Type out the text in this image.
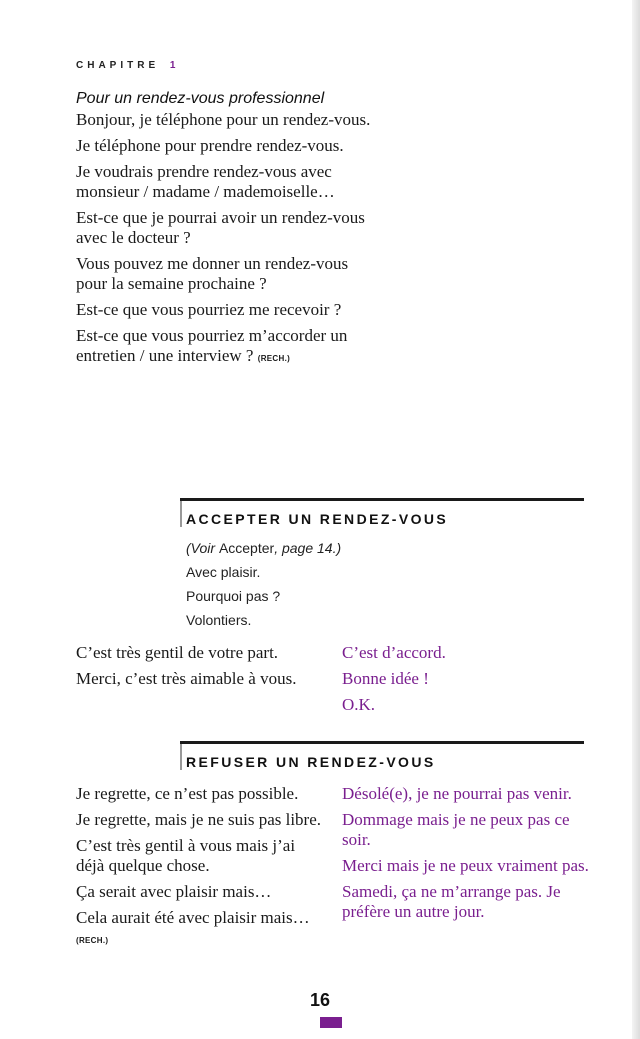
CHAPITRE 1

Pour un rendez-vous professionnel

Bonjour, je téléphone pour un rendez-vous.

Je téléphone pour prendre rendez-vous.

Je voudrais prendre rendez-vous avec monsieur / madame / mademoiselle…

Est-ce que je pourrai avoir un rendez-vous avec le docteur ?

Vous pouvez me donner un rendez-vous pour la semaine prochaine ?

Est-ce que vous pourriez me recevoir ?

Est-ce que vous pourriez m’accorder un entretien / une interview ? (RECH.)

ACCEPTER UN RENDEZ-VOUS

(Voir Accepter, page 14.)

Avec plaisir.

Pourquoi pas ?

Volontiers.

C’est très gentil de votre part.

Merci, c’est très aimable à vous.

C’est d’accord.

Bonne idée !

O.K.

REFUSER UN RENDEZ-VOUS

Je regrette, ce n’est pas possible.

Je regrette, mais je ne suis pas libre.

C’est très gentil à vous mais j’ai déjà quelque chose.

Ça serait avec plaisir mais…

Cela aurait été avec plaisir mais… (RECH.)

Désolé(e), je ne pourrai pas venir.

Dommage mais je ne peux pas ce soir.

Merci mais je ne peux vraiment pas.

Samedi, ça ne m’arrange pas. Je préfère un autre jour.

16
